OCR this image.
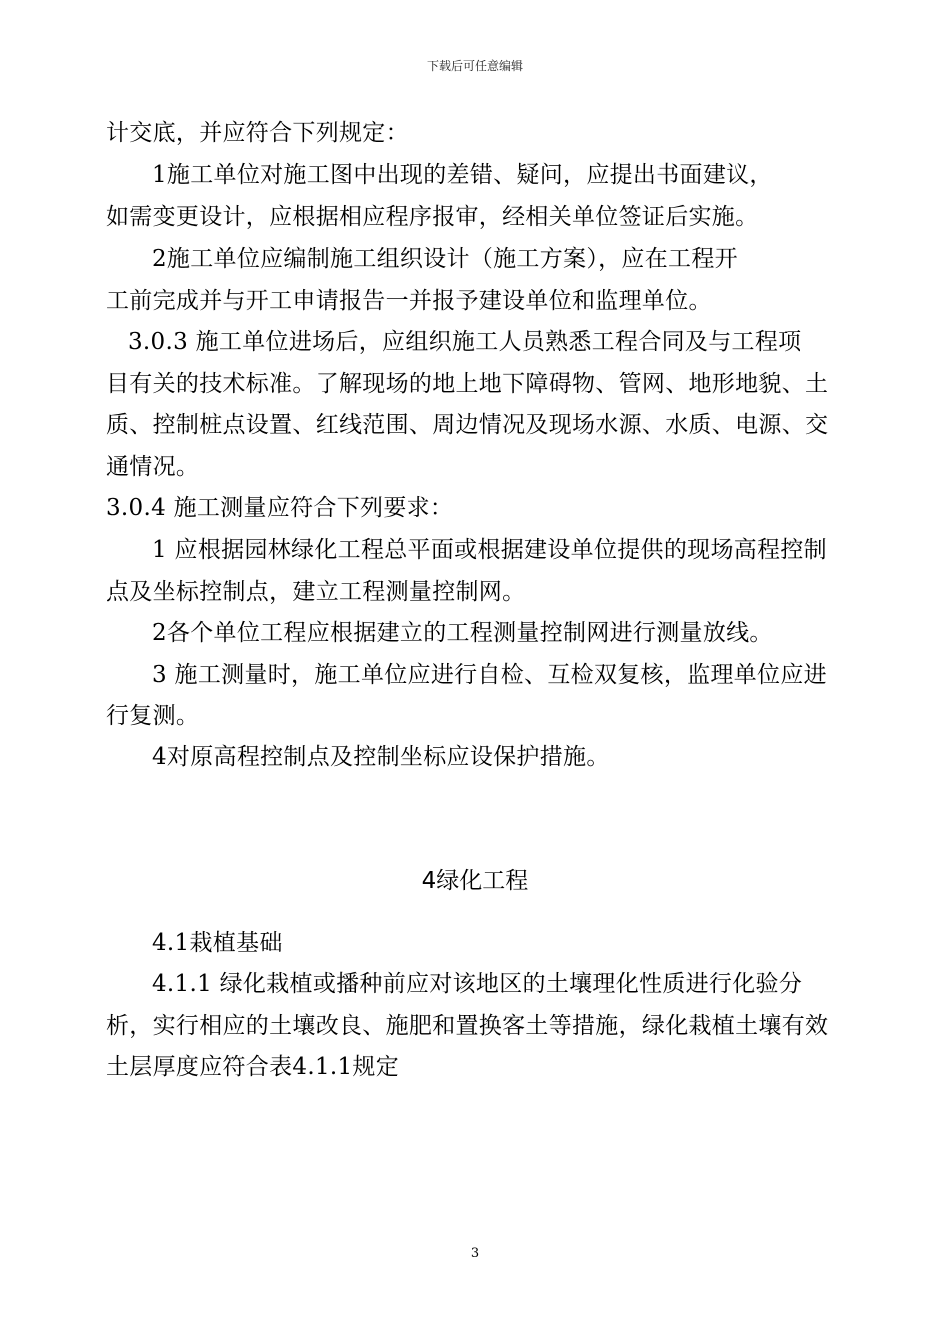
下载后可任意编辑
计交底，并应符合下列规定：
1施工单位对施工图中出现的差错、疑问，应提出书面建议，
如需变更设计，应根据相应程序报审，经相关单位签证后实施。
2施工单位应编制施工组织设计（施工方案），应在工程开
工前完成并与开工申请报告一并报予建设单位和监理单位。
3.0.3 施工单位进场后，应组织施工人员熟悉工程合同及与工程项
目有关的技术标准。了解现场的地上地下障碍物、管网、地形地貌、土
质、控制桩点设置、红线范围、周边情况及现场水源、水质、电源、交
通情况。
3.0.4 施工测量应符合下列要求：
1 应根据园林绿化工程总平面或根据建设单位提供的现场高程控制
点及坐标控制点，建立工程测量控制网。
2各个单位工程应根据建立的工程测量控制网进行测量放线。
3 施工测量时，施工单位应进行自检、互检双复核，监理单位应进
行复测。
4对原高程控制点及控制坐标应设保护措施。
4绿化工程
4.1栽植基础
4.1.1 绿化栽植或播种前应对该地区的土壤理化性质进行化验分
析，实行相应的土壤改良、施肥和置换客土等措施，绿化栽植土壤有效
土层厚度应符合表4.1.1规定
3
